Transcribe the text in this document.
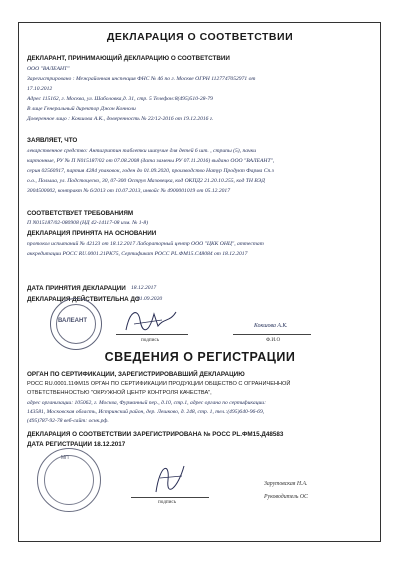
ДЕКЛАРАЦИЯ О СООТВЕТСТВИИ
ДЕКЛАРАНТ, ПРИНИМАЮЩИЙ ДЕКЛАРАЦИЮ О СООТВЕТСТВИИ
ООО "ВАЛЕАНТ"
Зарегистрировано : Межрайонная инспекция ФНС № 46 по г. Москве ОГРН 1127747052971 от
17.10.2012
Адрес 115162, г. Москва, ул. Шаболовка,д. 31, стр. 5 Телефон:8(495)510-28-79
В лице Генеральный директор Джон Конноли
Доверенное лицо : Кокшова А.К., доверенность № 22/12-2016 от 19.12.2016 г.
ЗАЯВЛЯЕТ, ЧТО
лекарственное средство: Антигриппин таблетки шипучие для детей 6 шт. , стрипы (5), пачки
картонные, РУ № П N015187/02 от 07.08.2008 (дата замены РУ 07.11.2016) выдано ООО "ВАЛЕАНТ",
серия 02560917, партия 4284 упаковок, годен до 01.09.2020, производство Натур Продукт Фарма Сп.з
о.о., Польша, ул. Подстоцеско, 30, 07-300 Острув Мазовецка, код ОКПД2 21.20.10.255, код ТН ВЭД
3004500002, контракт № 6/2013 от 10.07.2013, инвойс № 4900001019 от 05.12.2017
СООТВЕТСТВУЕТ ТРЕБОВАНИЯМ
П N015187/02-080908 (НД 42-14117-08 изм. № 1-8)
ДЕКЛАРАЦИЯ ПРИНЯТА НА ОСНОВАНИИ
протокол испытаний № 42123 от 18.12.2017 Лабораторный центр ООО "ЦКК ОНЦ", аттестат
аккредитации РОСС RU.0001.21РК75, Сертификат РОСС PL.ФМ15.С48084 от 18.12.2017
ДАТА ПРИНЯТИЯ ДЕКЛАРАЦИИ 18.12.2017
ДЕКЛАРАЦИЯ ДЕЙСТВИТЕЛЬНА ДО
01.09.2020
ВАЛЕАНТ
подпись
Кокшова А.К.
Ф.И.О
СВЕДЕНИЯ О РЕГИСТРАЦИИ
ОРГАН ПО СЕРТИФИКАЦИИ, ЗАРЕГИСТРИРОВАВШИЙ ДЕКЛАРАЦИЮ
РОСС RU.0001.11ФМ15 ОРГАН ПО СЕРТИФИКАЦИИ ПРОДУКЦИИ ОБЩЕСТВО С ОГРАНИЧЕННОЙ
ОТВЕТСТВЕННОСТЬЮ "ОКРУЖНОЙ ЦЕНТР КОНТРОЛЯ КАЧЕСТВА",
адрес организации: 105062, г. Москва, Фурманный пер., д.10, стр.1, адрес органа по сертификации:
143581, Московская область, Истринский район, дер. Лешково, д. 248, стр. 1, тел.:(495)640-96-69,
(495)787-92-78 веб-сайт: ocнк.рф.
ДЕКЛАРАЦИЯ О СООТВЕТСТВИИ ЗАРЕГИСТРИРОВАНА № РОСС PL.ФМ15.Д48583
ДАТА РЕГИСТРАЦИИ 18.12.2017
МП
подпись
Зарутовская Н.А.
Руководитель ОС
